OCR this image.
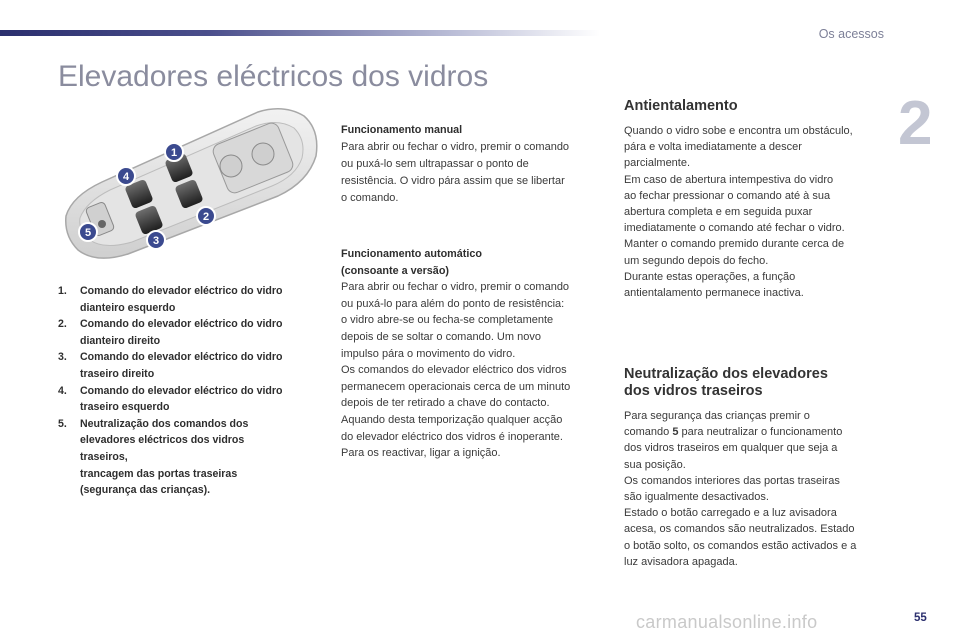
Os acessos
2
Elevadores eléctricos dos vidros
1
2
3
4
5
1.	Comando do elevador eléctrico do vidro
dianteiro esquerdo
2.	Comando do elevador eléctrico do vidro
dianteiro direito
3.	Comando do elevador eléctrico do vidro
traseiro direito
4.	Comando do elevador eléctrico do vidro
traseiro esquerdo
5.	Neutralização dos comandos dos
elevadores eléctricos dos vidros
traseiros,
trancagem das portas traseiras
(segurança das crianças).
Funcionamento manual

Para abrir ou fechar o vidro, premir o comando

ou puxá-lo sem ultrapassar o ponto de

resistência. O vidro pára assim que se libertar

o comando.

Funcionamento automático
(consoante a versão)

Para abrir ou fechar o vidro, premir o comando

ou puxá-lo para além do ponto de resistência:

o vidro abre-se ou fecha-se completamente

depois de se soltar o comando. Um novo

impulso pára o movimento do vidro.

Os comandos do elevador eléctrico dos vidros

permanecem operacionais cerca de um minuto

depois de ter retirado a chave do contacto.

Aquando desta temporização qualquer acção

do elevador eléctrico dos vidros é inoperante.

Para os reactivar, ligar a ignição.

Antientalamento

Quando o vidro sobe e encontra um obstáculo,

pára e volta imediatamente a descer

parcialmente.

Em caso de abertura intempestiva do vidro

ao fechar pressionar o comando até à sua

abertura completa e em seguida puxar

imediatamente o comando até fechar o vidro.

Manter o comando premido durante cerca de

um segundo depois do fecho.

Durante estas operações, a função

antientalamento permanece inactiva.

Neutralização dos elevadores
dos vidros traseiros

Para segurança das crianças premir o

comando 5 para neutralizar o funcionamento

dos vidros traseiros em qualquer que seja a

sua posição.

Os comandos interiores das portas traseiras

são igualmente desactivados.

Estado o botão carregado e a luz avisadora

acesa, os comandos são neutralizados. Estado

o botão solto, os comandos estão activados e a

luz avisadora apagada.

carmanualsonline.info	55
